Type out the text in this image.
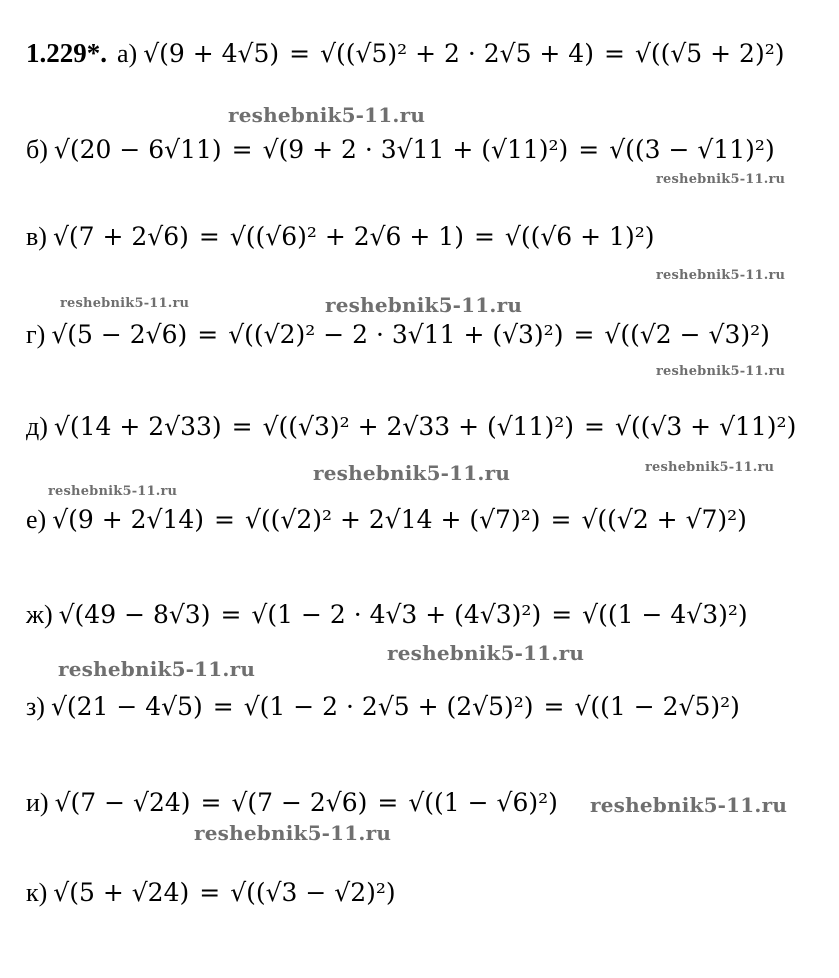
1.229*. а) √(9 + 4√5) = √((√5)² + 2 · 2√5 + 4) = √((√5 + 2)²)
б) √(20 − 6√11) = √(9 + 2 · 3√11 + (√11)²) = √((3 − √11)²)
в) √(7 + 2√6) = √((√6)² + 2√6 + 1) = √((√6 + 1)²)
г) √(5 − 2√6) = √((√2)² − 2 · 3√11 + (√3)²) = √((√2 − √3)²)
д) √(14 + 2√33) = √((√3)² + 2√33 + (√11)²) = √((√3 + √11)²)
е) √(9 + 2√14) = √((√2)² + 2√14 + (√7)²) = √((√2 + √7)²)
ж) √(49 − 8√3) = √(1 − 2 · 4√3 + (4√3)²) = √((1 − 4√3)²)
з) √(21 − 4√5) = √(1 − 2 · 2√5 + (2√5)²) = √((1 − 2√5)²)
и) √(7 − √24) = √(7 − 2√6) = √((1 − √6)²)
к) √(5 + √24) = √((√3 − √2)²)
reshebnik5-11.ru
reshebnik5-11.ru
reshebnik5-11.ru
reshebnik5-11.ru	reshebnik5-11.ru
reshebnik5-11.ru
reshebnik5-11.ru	reshebnik5-11.ru
reshebnik5-11.ru
reshebnik5-11.ru
reshebnik5-11.ru
reshebnik5-11.ru
reshebnik5-11.ru
